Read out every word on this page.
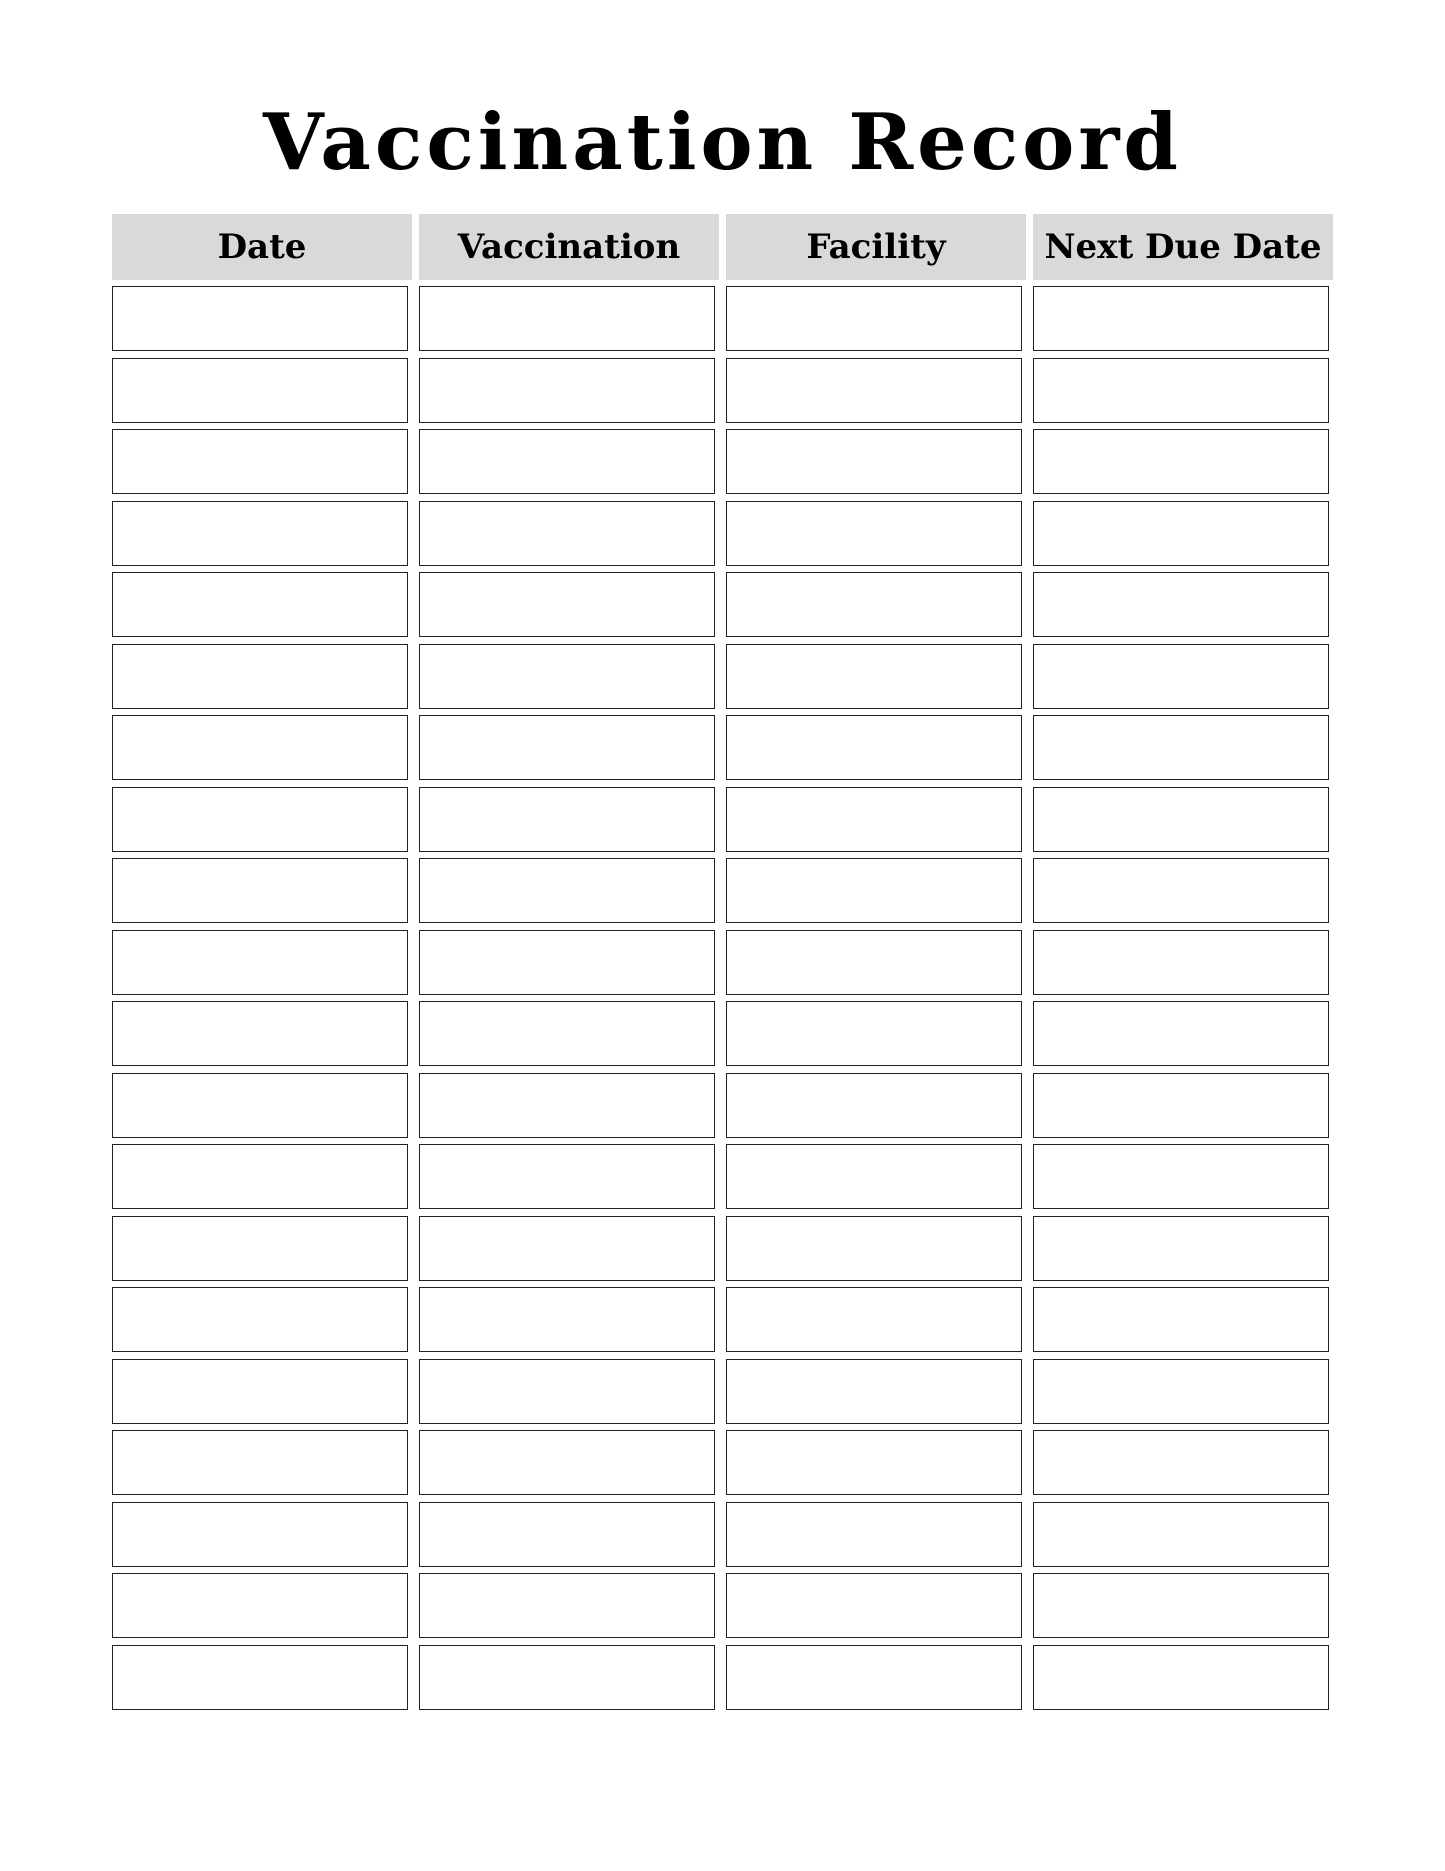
Vaccination Record
Date	Vaccination	Facility	Next Due Date
